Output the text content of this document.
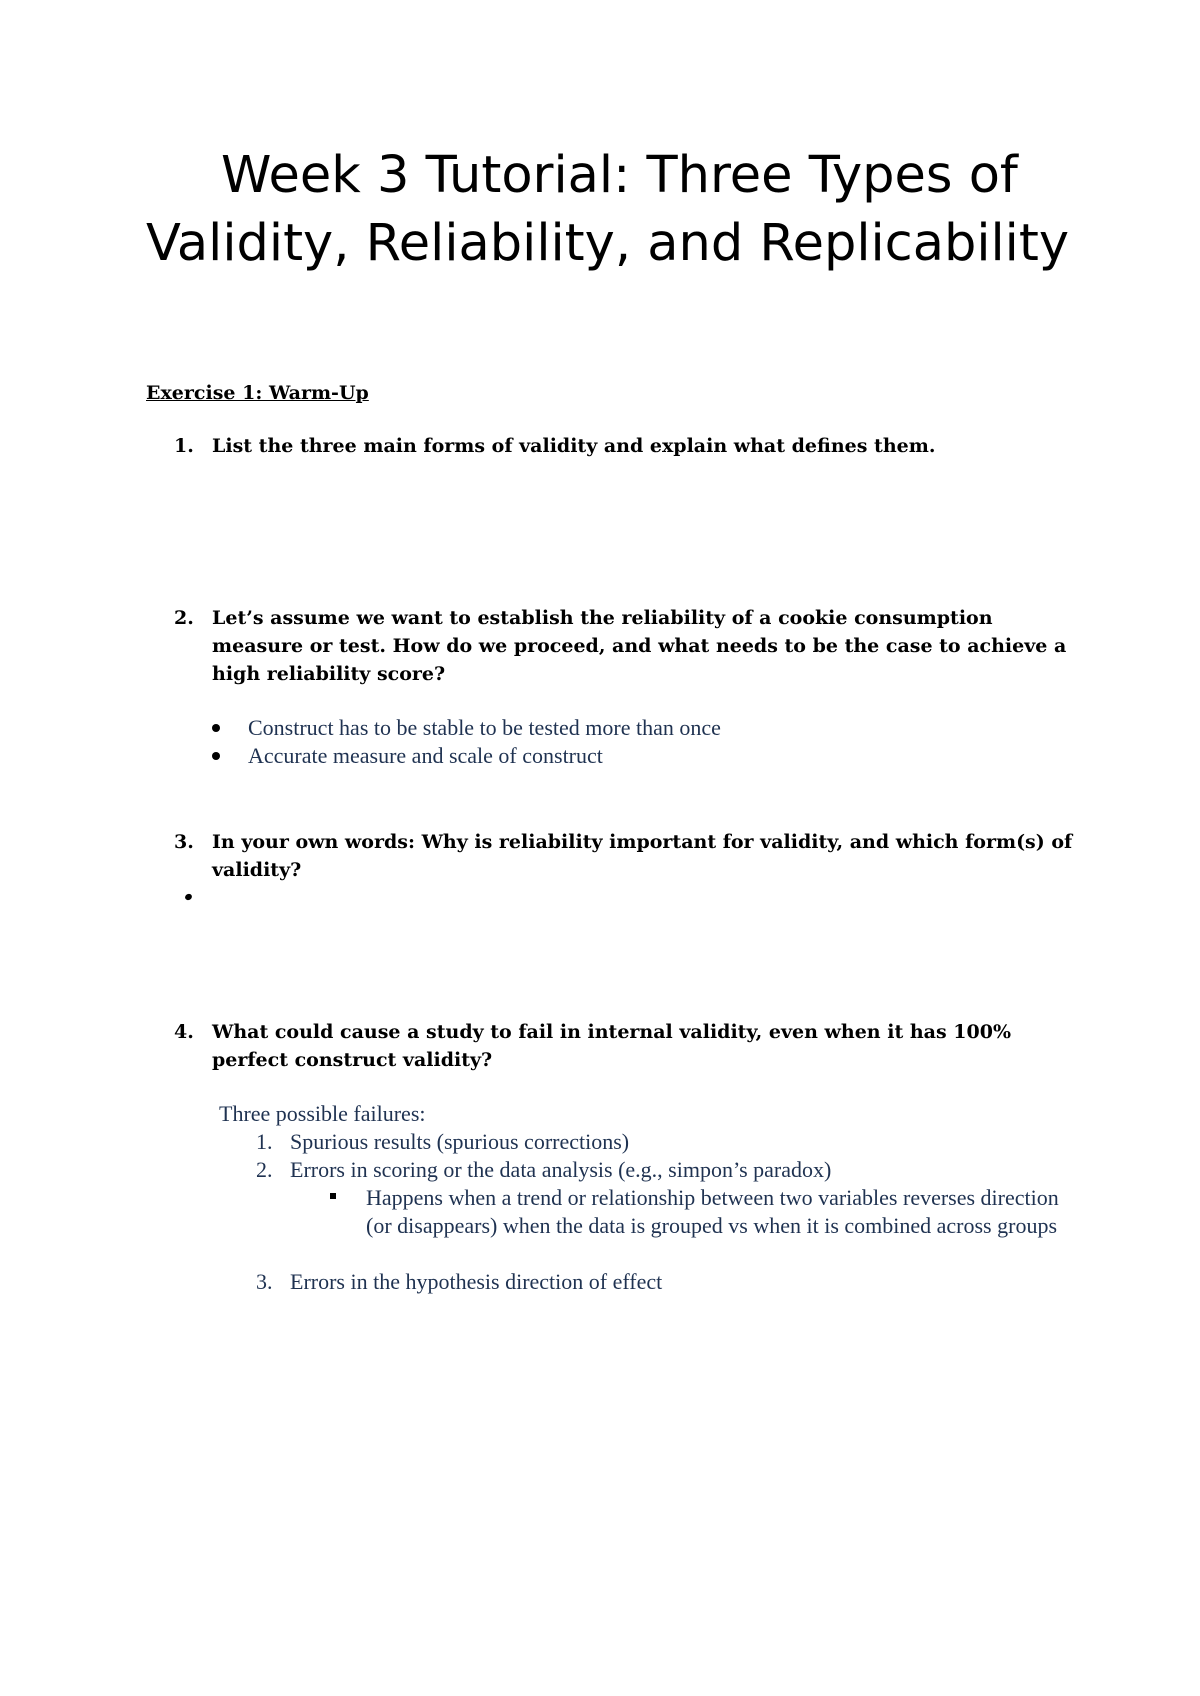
Week 3 Tutorial: Three Types of Validity, Reliability, and Replicability

Exercise 1: Warm-Up

1. List the three main forms of validity and explain what defines them.
2. Let’s assume we want to establish the reliability of a cookie consumption measure or test. How do we proceed, and what needs to be the case to achieve a high reliability score?
Construct has to be stable to be tested more than once
Accurate measure and scale of construct
3. In your own words: Why is reliability important for validity, and which form(s) of validity?
4. What could cause a study to fail in internal validity, even when it has 100% perfect construct validity?

Three possible failures:

1. Spurious results (spurious corrections)
2. Errors in scoring or the data analysis (e.g., simpon’s paradox)
Happens when a trend or relationship between two variables reverses direction (or disappears) when the data is grouped vs when it is combined across groups
3. Errors in the hypothesis direction of effect
